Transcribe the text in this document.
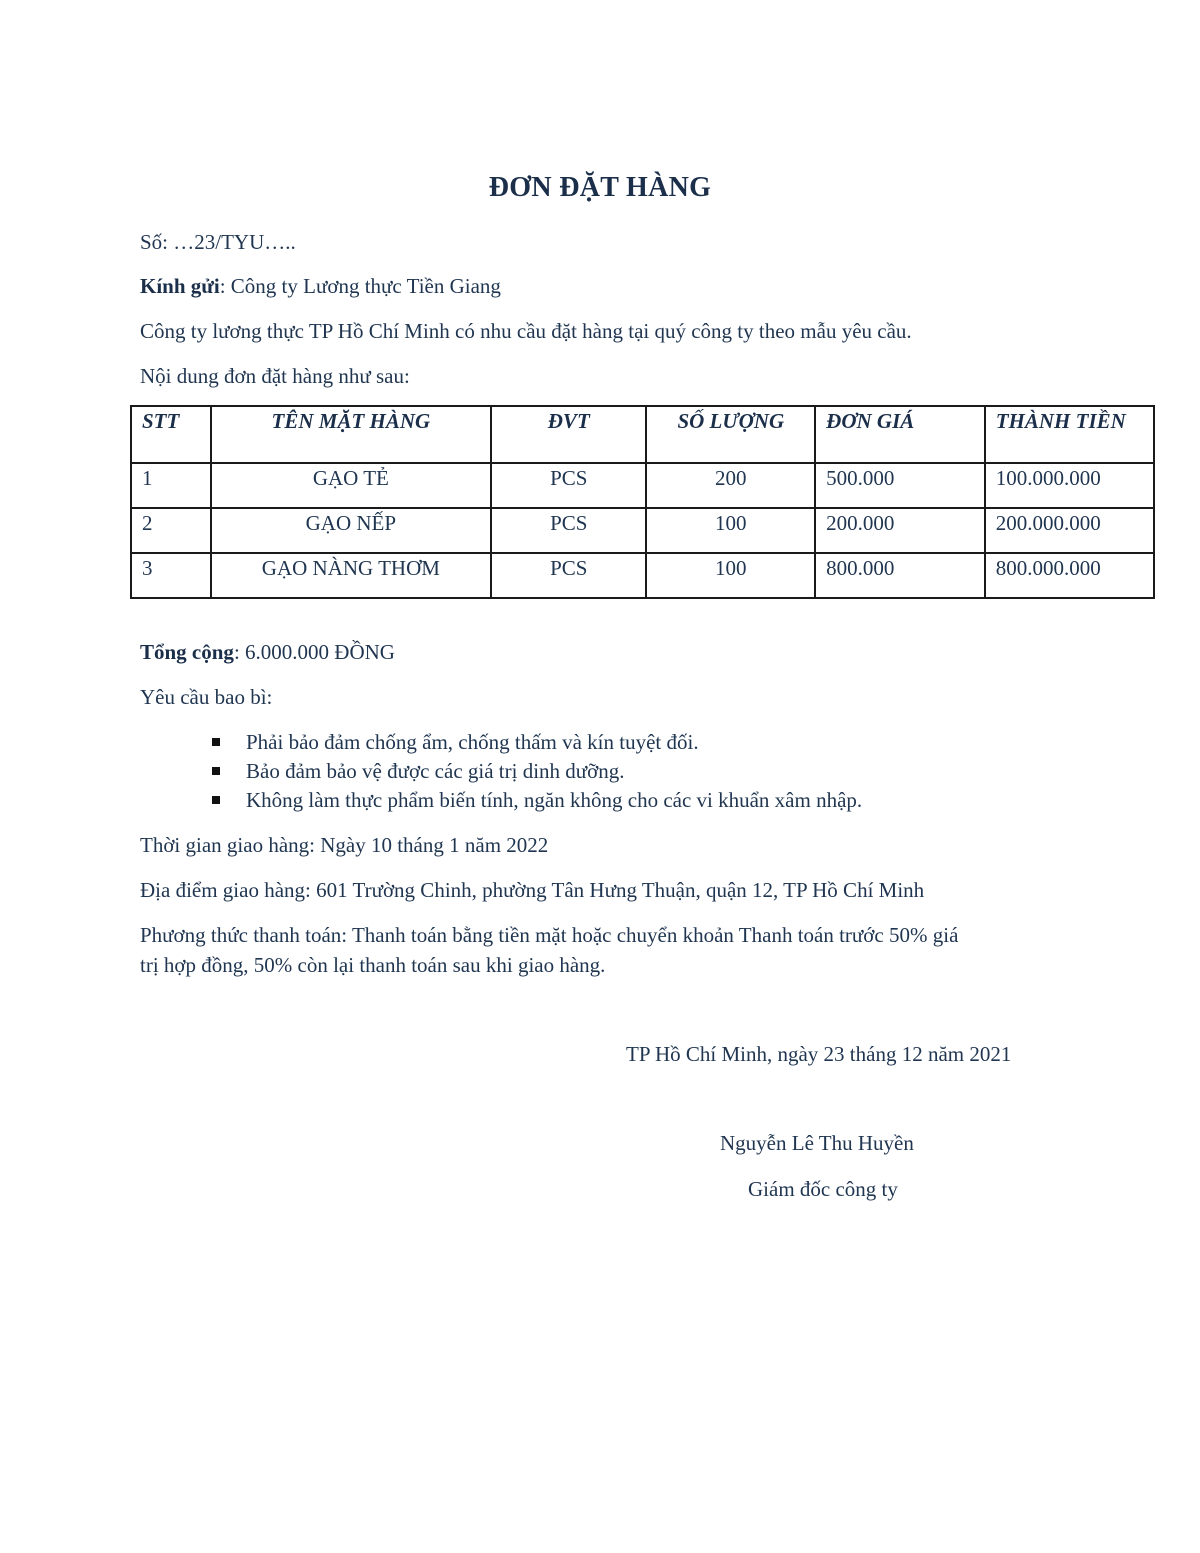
ĐƠN ĐẶT HÀNG
Số: …23/TYU…..
Kính gửi: Công ty Lương thực Tiền Giang
Công ty lương thực TP Hồ Chí Minh có nhu cầu đặt hàng tại quý công ty theo mẫu yêu cầu.
Nội dung đơn đặt hàng như sau:
STT	TÊN MẶT HÀNG	ĐVT	SỐ LƯỢNG	ĐƠN GIÁ	THÀNH TIỀN
1	GẠO TẺ	PCS	200	500.000	100.000.000
2	GẠO NẾP	PCS	100	200.000	200.000.000
3	GẠO NÀNG THƠM	PCS	100	800.000	800.000.000
Tổng cộng: 6.000.000 ĐỒNG
Yêu cầu bao bì:
Phải bảo đảm chống ẩm, chống thấm và kín tuyệt đối.
Bảo đảm bảo vệ được các giá trị dinh dưỡng.
Không làm thực phẩm biến tính, ngăn không cho các vi khuẩn xâm nhập.
Thời gian giao hàng: Ngày 10 tháng 1 năm 2022
Địa điểm giao hàng: 601 Trường Chinh, phường Tân Hưng Thuận, quận 12, TP Hồ Chí Minh
Phương thức thanh toán: Thanh toán bằng tiền mặt hoặc chuyển khoản Thanh toán trước 50% giá
trị hợp đồng, 50% còn lại thanh toán sau khi giao hàng.
TP Hồ Chí Minh, ngày 23 tháng 12 năm 2021
Nguyễn Lê Thu Huyền
Giám đốc công ty
